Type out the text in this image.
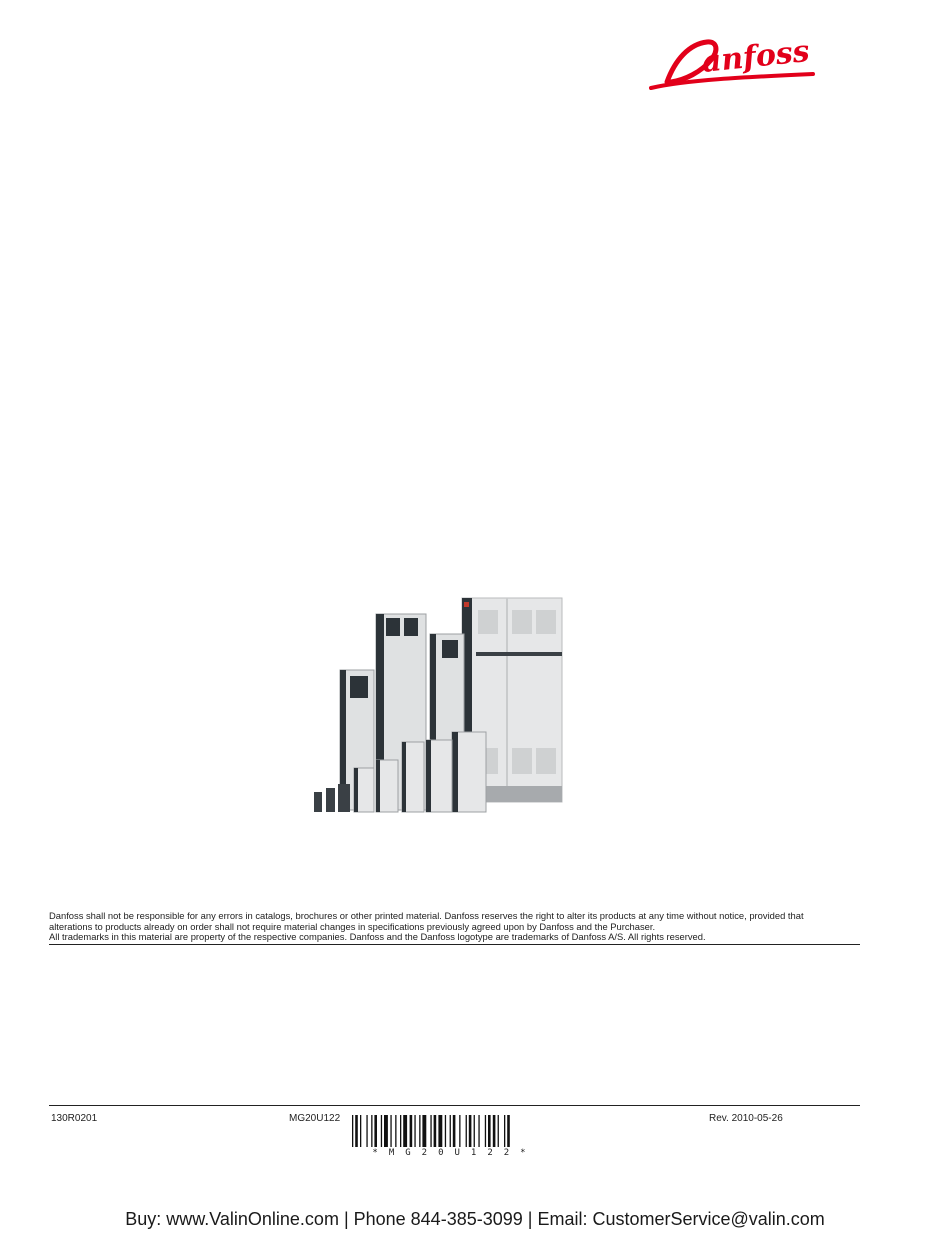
anfoss

Danfoss shall not be responsible for any errors in catalogs, brochures or other printed material. Danfoss reserves the right to alter its products at any time without notice, provided that alterations to products already on order shall not require material changes in specifications previously agreed upon by Danfoss and the Purchaser.

All trademarks in this material are property of the respective companies. Danfoss and the Danfoss logotype are trademarks of Danfoss A/S. All rights reserved.

130R0201	MG20U122	Rev. 2010-05-26
*MG20U122*
Buy: www.ValinOnline.com | Phone 844-385-3099 | Email: CustomerService@valin.com
